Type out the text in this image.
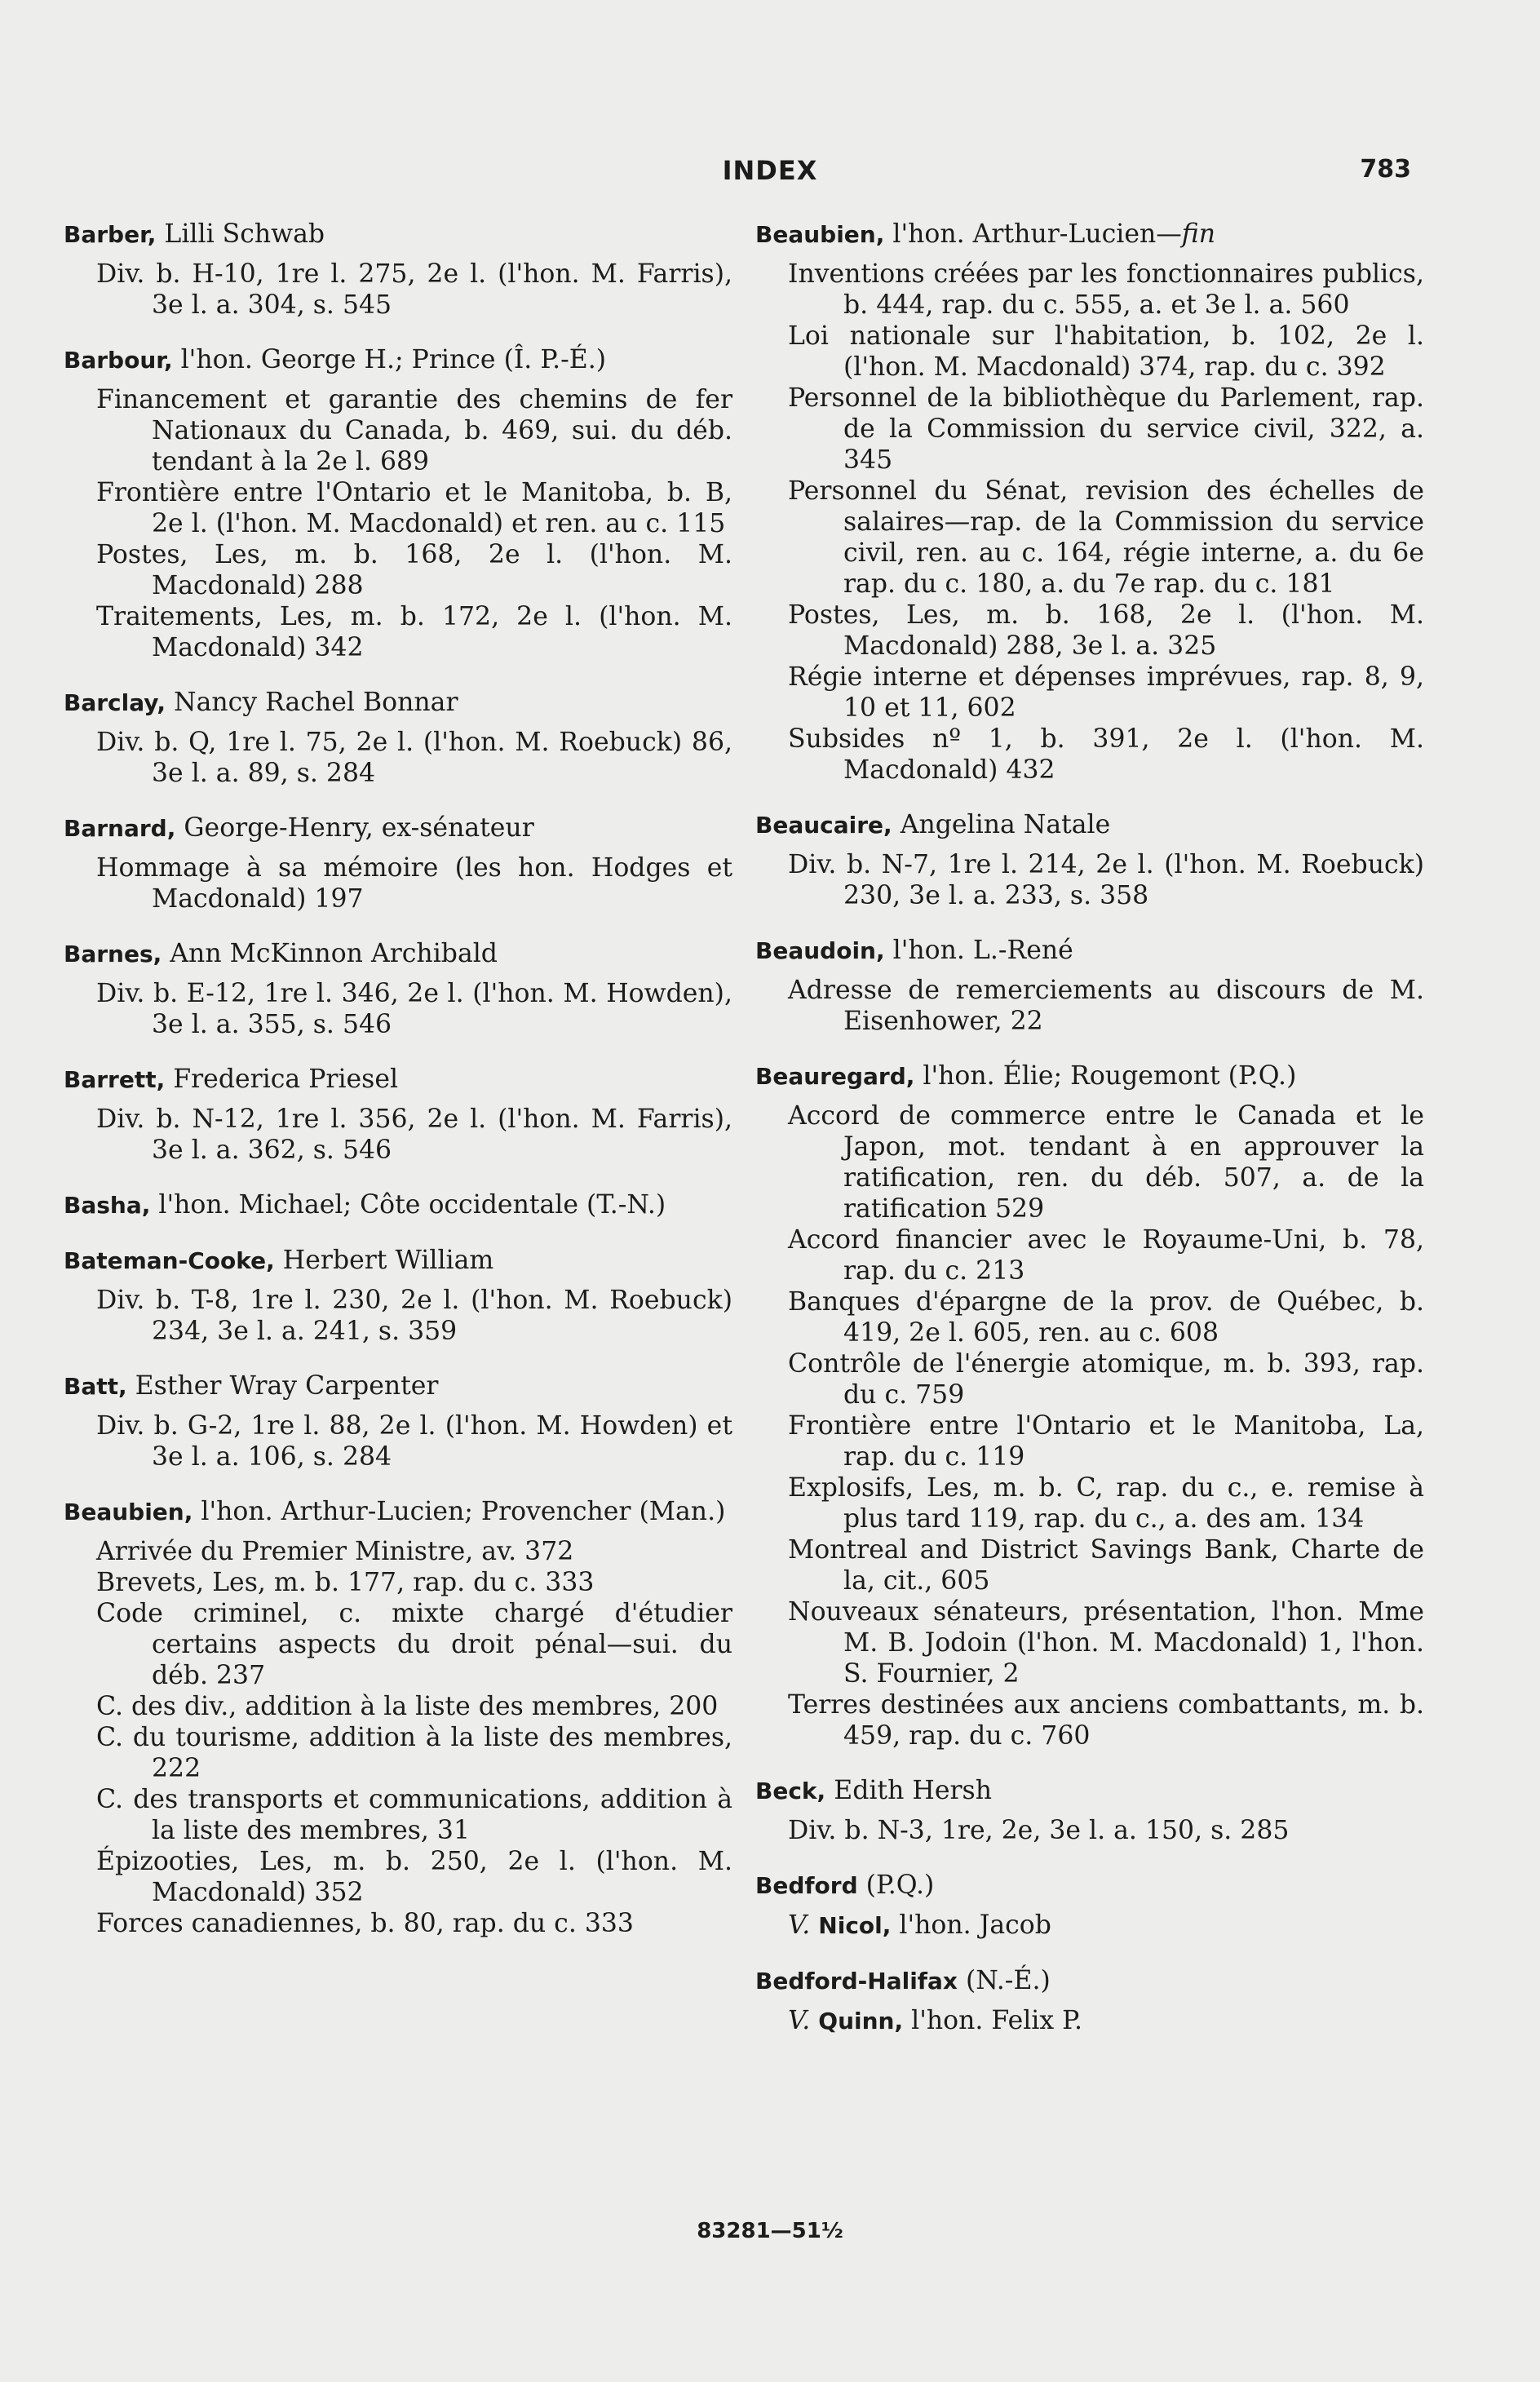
INDEX	783
Barber, Lilli Schwab
Div. b. H-10, 1re l. 275, 2e l. (l'hon. M. Farris), 3e l. a. 304, s. 545
Barbour, l'hon. George H.; Prince (Î. P.-É.)
Financement et garantie des chemins de fer Nationaux du Canada, b. 469, sui. du déb. tendant à la 2e l. 689
Frontière entre l'Ontario et le Manitoba, b. B, 2e l. (l'hon. M. Macdonald) et ren. au c. 115
Postes, Les, m. b. 168, 2e l. (l'hon. M. Macdonald) 288
Traitements, Les, m. b. 172, 2e l. (l'hon. M. Macdonald) 342
Barclay, Nancy Rachel Bonnar
Div. b. Q, 1re l. 75, 2e l. (l'hon. M. Roebuck) 86, 3e l. a. 89, s. 284
Barnard, George-Henry, ex-sénateur
Hommage à sa mémoire (les hon. Hodges et Macdonald) 197
Barnes, Ann McKinnon Archibald
Div. b. E-12, 1re l. 346, 2e l. (l'hon. M. Howden), 3e l. a. 355, s. 546
Barrett, Frederica Priesel
Div. b. N-12, 1re l. 356, 2e l. (l'hon. M. Farris), 3e l. a. 362, s. 546
Basha, l'hon. Michael; Côte occidentale (T.-N.)
Bateman-Cooke, Herbert William
Div. b. T-8, 1re l. 230, 2e l. (l'hon. M. Roebuck) 234, 3e l. a. 241, s. 359
Batt, Esther Wray Carpenter
Div. b. G-2, 1re l. 88, 2e l. (l'hon. M. Howden) et 3e l. a. 106, s. 284
Beaubien, l'hon. Arthur-Lucien; Provencher (Man.)
Arrivée du Premier Ministre, av. 372
Brevets, Les, m. b. 177, rap. du c. 333
Code criminel, c. mixte chargé d'étudier certains aspects du droit pénal—sui. du déb. 237
C. des div., addition à la liste des membres, 200
C. du tourisme, addition à la liste des membres, 222
C. des transports et communications, addition à la liste des membres, 31
Épizooties, Les, m. b. 250, 2e l. (l'hon. M. Macdonald) 352
Forces canadiennes, b. 80, rap. du c. 333
Beaubien, l'hon. Arthur-Lucien—fin
Inventions créées par les fonctionnaires publics, b. 444, rap. du c. 555, a. et 3e l. a. 560
Loi nationale sur l'habitation, b. 102, 2e l. (l'hon. M. Macdonald) 374, rap. du c. 392
Personnel de la bibliothèque du Parlement, rap. de la Commission du service civil, 322, a. 345
Personnel du Sénat, revision des échelles de salaires—rap. de la Commission du service civil, ren. au c. 164, régie interne, a. du 6e rap. du c. 180, a. du 7e rap. du c. 181
Postes, Les, m. b. 168, 2e l. (l'hon. M. Macdonald) 288, 3e l. a. 325
Régie interne et dépenses imprévues, rap. 8, 9, 10 et 11, 602
Subsides nº 1, b. 391, 2e l. (l'hon. M. Macdonald) 432
Beaucaire, Angelina Natale
Div. b. N-7, 1re l. 214, 2e l. (l'hon. M. Roebuck) 230, 3e l. a. 233, s. 358
Beaudoin, l'hon. L.-René
Adresse de remerciements au discours de M. Eisenhower, 22
Beauregard, l'hon. Élie; Rougemont (P.Q.)
Accord de commerce entre le Canada et le Japon, mot. tendant à en approuver la ratification, ren. du déb. 507, a. de la ratification 529
Accord financier avec le Royaume-Uni, b. 78, rap. du c. 213
Banques d'épargne de la prov. de Québec, b. 419, 2e l. 605, ren. au c. 608
Contrôle de l'énergie atomique, m. b. 393, rap. du c. 759
Frontière entre l'Ontario et le Manitoba, La, rap. du c. 119
Explosifs, Les, m. b. C, rap. du c., e. remise à plus tard 119, rap. du c., a. des am. 134
Montreal and District Savings Bank, Charte de la, cit., 605
Nouveaux sénateurs, présentation, l'hon. Mme M. B. Jodoin (l'hon. M. Macdonald) 1, l'hon. S. Fournier, 2
Terres destinées aux anciens combattants, m. b. 459, rap. du c. 760
Beck, Edith Hersh
Div. b. N-3, 1re, 2e, 3e l. a. 150, s. 285
Bedford (P.Q.)
V. Nicol, l'hon. Jacob
Bedford-Halifax (N.-É.)
V. Quinn, l'hon. Felix P.
83281—51½
